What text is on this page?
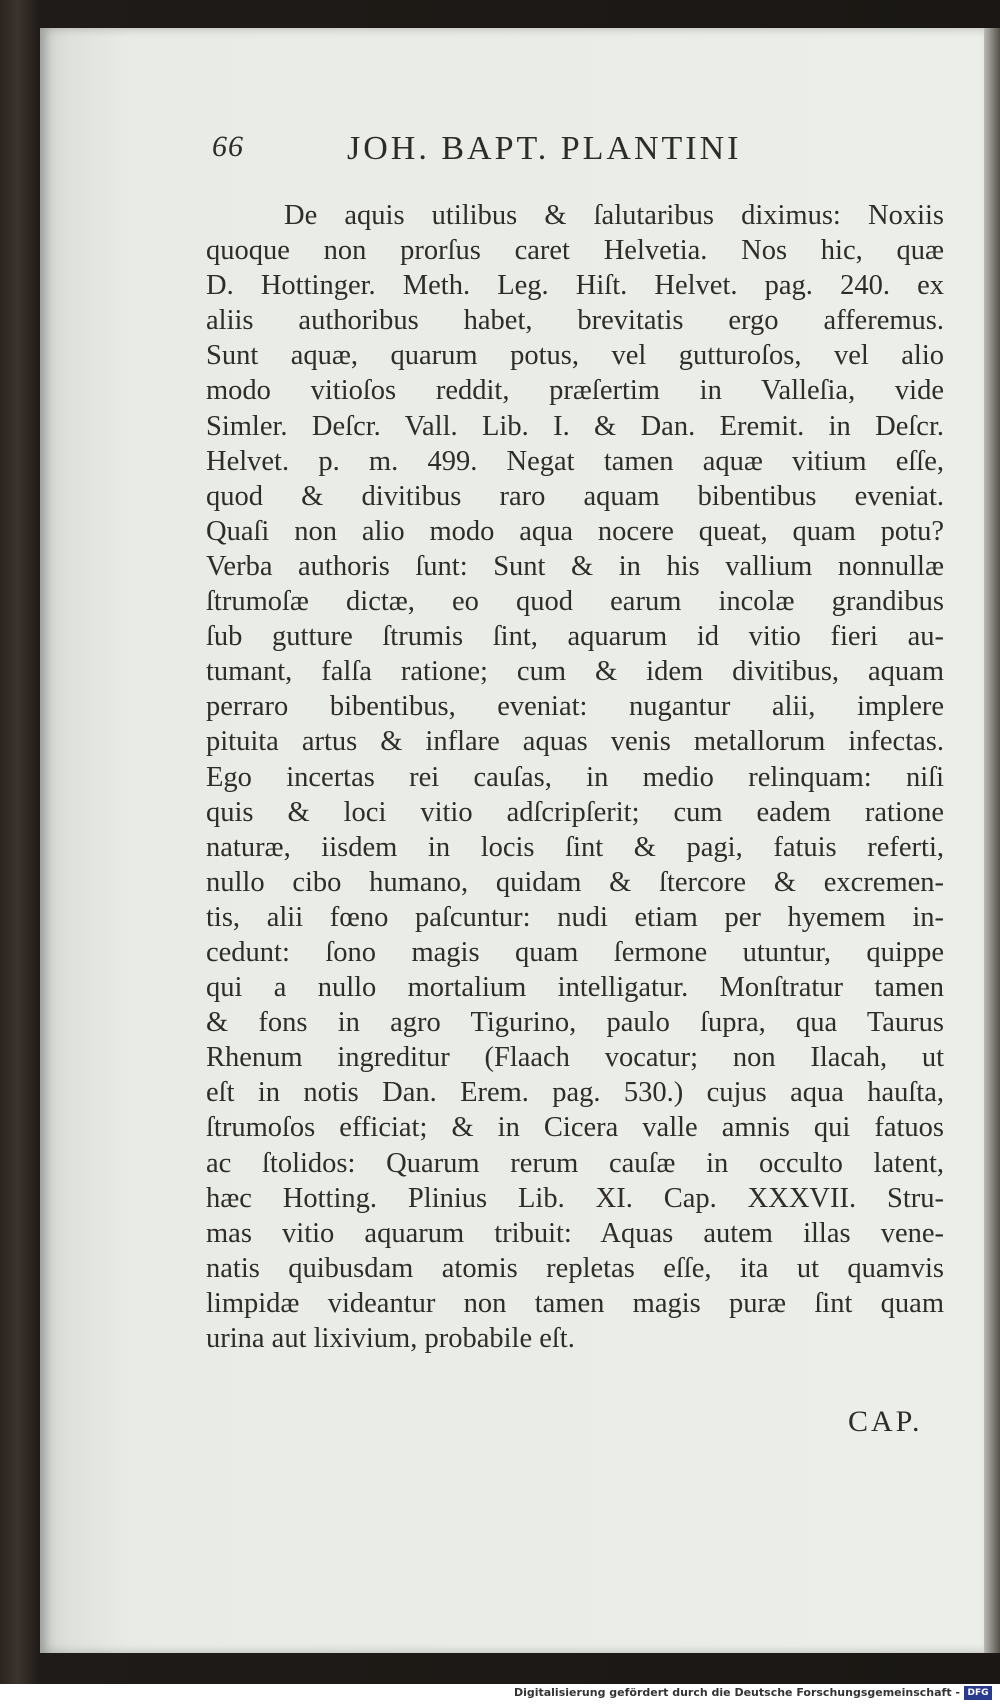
66	JOH. BAPT. PLANTINI
De aquis utilibus & ſalutaribus diximus: Noxiis
quoque non prorſus caret Helvetia. Nos hic, quæ
D. Hottinger. Meth. Leg. Hiſt. Helvet. pag. 240. ex
aliis authoribus habet, brevitatis ergo afferemus.
Sunt aquæ, quarum potus, vel gutturoſos, vel alio
modo vitioſos reddit, præſertim in Valleſia, vide
Simler. Deſcr. Vall. Lib. I. & Dan. Eremit. in Deſcr.
Helvet. p. m. 499. Negat tamen aquæ vitium eſſe,
quod & divitibus raro aquam bibentibus eveniat.
Quaſi non alio modo aqua nocere queat, quam potu?
Verba authoris ſunt: Sunt & in his vallium nonnullæ
ſtrumoſæ dictæ, eo quod earum incolæ grandibus
ſub gutture ſtrumis ſint, aquarum id vitio fieri au-
tumant, falſa ratione; cum & idem divitibus, aquam
perraro bibentibus, eveniat: nugantur alii, implere
pituita artus & inflare aquas venis metallorum infectas.
Ego incertas rei cauſas, in medio relinquam: niſi
quis & loci vitio adſcripſerit; cum eadem ratione
naturæ, iisdem in locis ſint & pagi, fatuis referti,
nullo cibo humano, quidam & ſtercore & excremen-
tis, alii fœno paſcuntur: nudi etiam per hyemem in-
cedunt: ſono magis quam ſermone utuntur, quippe
qui a nullo mortalium intelligatur. Monſtratur tamen
& fons in agro Tigurino, paulo ſupra, qua Taurus
Rhenum ingreditur (Flaach vocatur; non Ilacah, ut
eſt in notis Dan. Erem. pag. 530.) cujus aqua hauſta,
ſtrumoſos efficiat; & in Cicera valle amnis qui fatuos
ac ſtolidos: Quarum rerum cauſæ in occulto latent,
hæc Hotting. Plinius Lib. XI. Cap. XXXVII. Stru-
mas vitio aquarum tribuit: Aquas autem illas vene-
natis quibusdam atomis repletas eſſe, ita ut quamvis
limpidæ videantur non tamen magis puræ ſint quam
urina aut lixivium, probabile eſt.
CAP.
Digitalisierung gefördert durch die Deutsche Forschungsgemeinschaft - DFG
